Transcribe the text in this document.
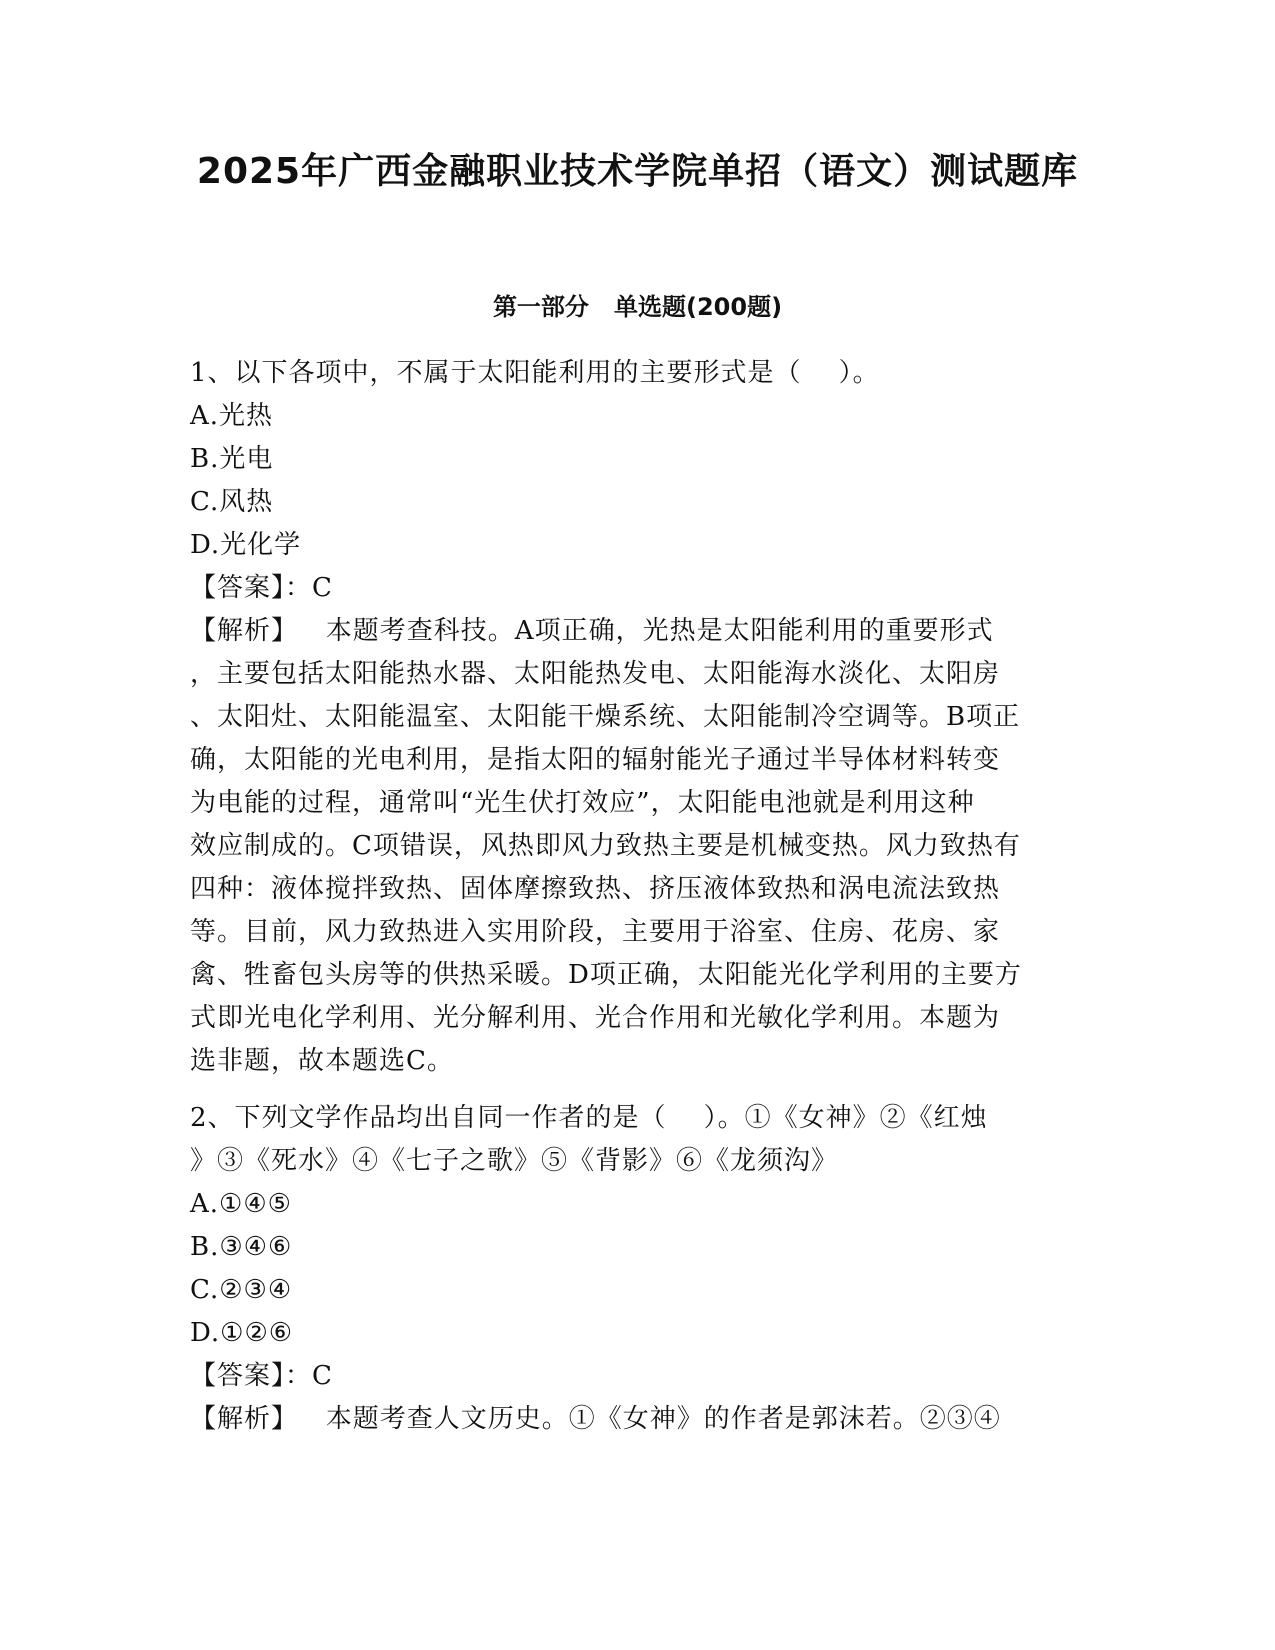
2025年广西金融职业技术学院单招（语文）测试题库
第一部分   单选题(200题)
1、以下各项中，不属于太阳能利用的主要形式是（    ）。
A.光热
B.光电
C.风热
D.光化学
【答案】：C
【解析】   本题考查科技。A项正确，光热是太阳能利用的重要形式
，主要包括太阳能热水器、太阳能热发电、太阳能海水淡化、太阳房
、太阳灶、太阳能温室、太阳能干燥系统、太阳能制冷空调等。B项正
确，太阳能的光电利用，是指太阳的辐射能光子通过半导体材料转变
为电能的过程，通常叫“光生伏打效应”，太阳能电池就是利用这种
效应制成的。C项错误，风热即风力致热主要是机械变热。风力致热有
四种：液体搅拌致热、固体摩擦致热、挤压液体致热和涡电流法致热
等。目前，风力致热进入实用阶段，主要用于浴室、住房、花房、家
禽、牲畜包头房等的供热采暖。D项正确，太阳能光化学利用的主要方
式即光电化学利用、光分解利用、光合作用和光敏化学利用。本题为
选非题，故本题选C。
2、下列文学作品均出自同一作者的是（    ）。①《女神》②《红烛
》③《死水》④《七子之歌》⑤《背影》⑥《龙须沟》
A.①④⑤
B.③④⑥
C.②③④
D.①②⑥
【答案】：C
【解析】   本题考查人文历史。①《女神》的作者是郭沫若。②③④
